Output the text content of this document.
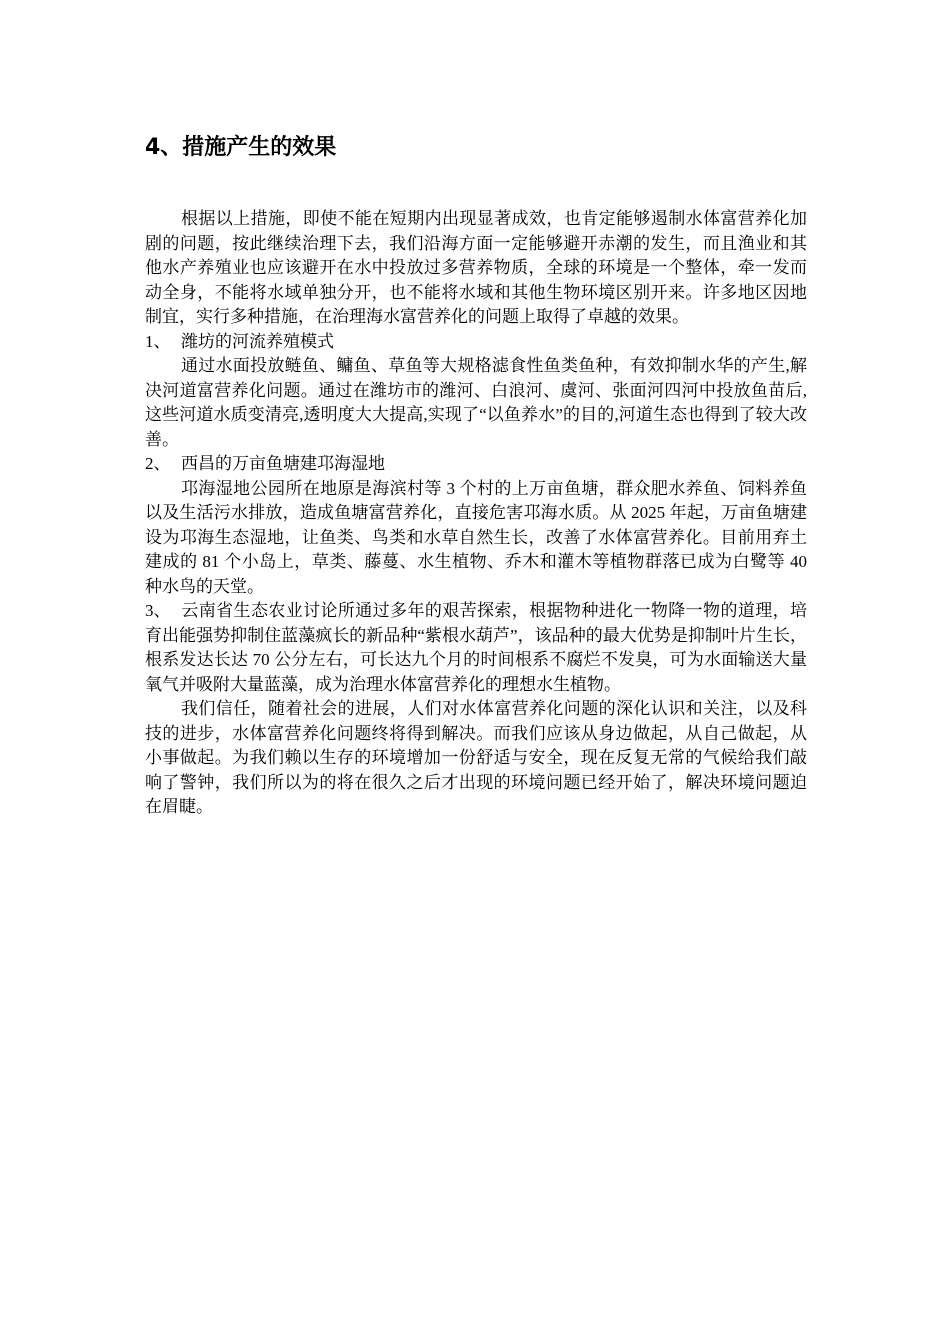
4、措施产生的效果

根据以上措施，即使不能在短期内出现显著成效，也肯定能够遏制水体富营养化加剧的问题，按此继续治理下去，我们沿海方面一定能够避开赤潮的发生，而且渔业和其他水产养殖业也应该避开在水中投放过多营养物质，全球的环境是一个整体，牵一发而动全身，不能将水域单独分开，也不能将水域和其他生物环境区别开来。许多地区因地制宜，实行多种措施，在治理海水富营养化的问题上取得了卓越的效果。

1、 潍坊的河流养殖模式

通过水面投放鲢鱼、鳙鱼、草鱼等大规格滤食性鱼类鱼种，有效抑制水华的产生,解决河道富营养化问题。通过在潍坊市的潍河、白浪河、虞河、张面河四河中投放鱼苗后,这些河道水质变清亮,透明度大大提高,实现了“以鱼养水”的目的,河道生态也得到了较大改善。

2、 西昌的万亩鱼塘建邛海湿地

邛海湿地公园所在地原是海滨村等 3 个村的上万亩鱼塘，群众肥水养鱼、饲料养鱼以及生活污水排放，造成鱼塘富营养化，直接危害邛海水质。从 2025 年起，万亩鱼塘建设为邛海生态湿地，让鱼类、鸟类和水草自然生长，改善了水体富营养化。目前用弃土建成的 81 个小岛上，草类、藤蔓、水生植物、乔木和灌木等植物群落已成为白鹭等 40 种水鸟的天堂。

3、 云南省生态农业讨论所通过多年的艰苦探索，根据物种进化一物降一物的道理，培育出能强势抑制住蓝藻疯长的新品种“紫根水葫芦”，该品种的最大优势是抑制叶片生长，根系发达长达 70 公分左右，可长达九个月的时间根系不腐烂不发臭，可为水面输送大量氧气并吸附大量蓝藻，成为治理水体富营养化的理想水生植物。

我们信任，随着社会的进展，人们对水体富营养化问题的深化认识和关注，以及科技的进步，水体富营养化问题终将得到解决。而我们应该从身边做起，从自己做起，从小事做起。为我们赖以生存的环境增加一份舒适与安全，现在反复无常的气候给我们敲响了警钟，我们所以为的将在很久之后才出现的环境问题已经开始了，解决环境问题迫在眉睫。
